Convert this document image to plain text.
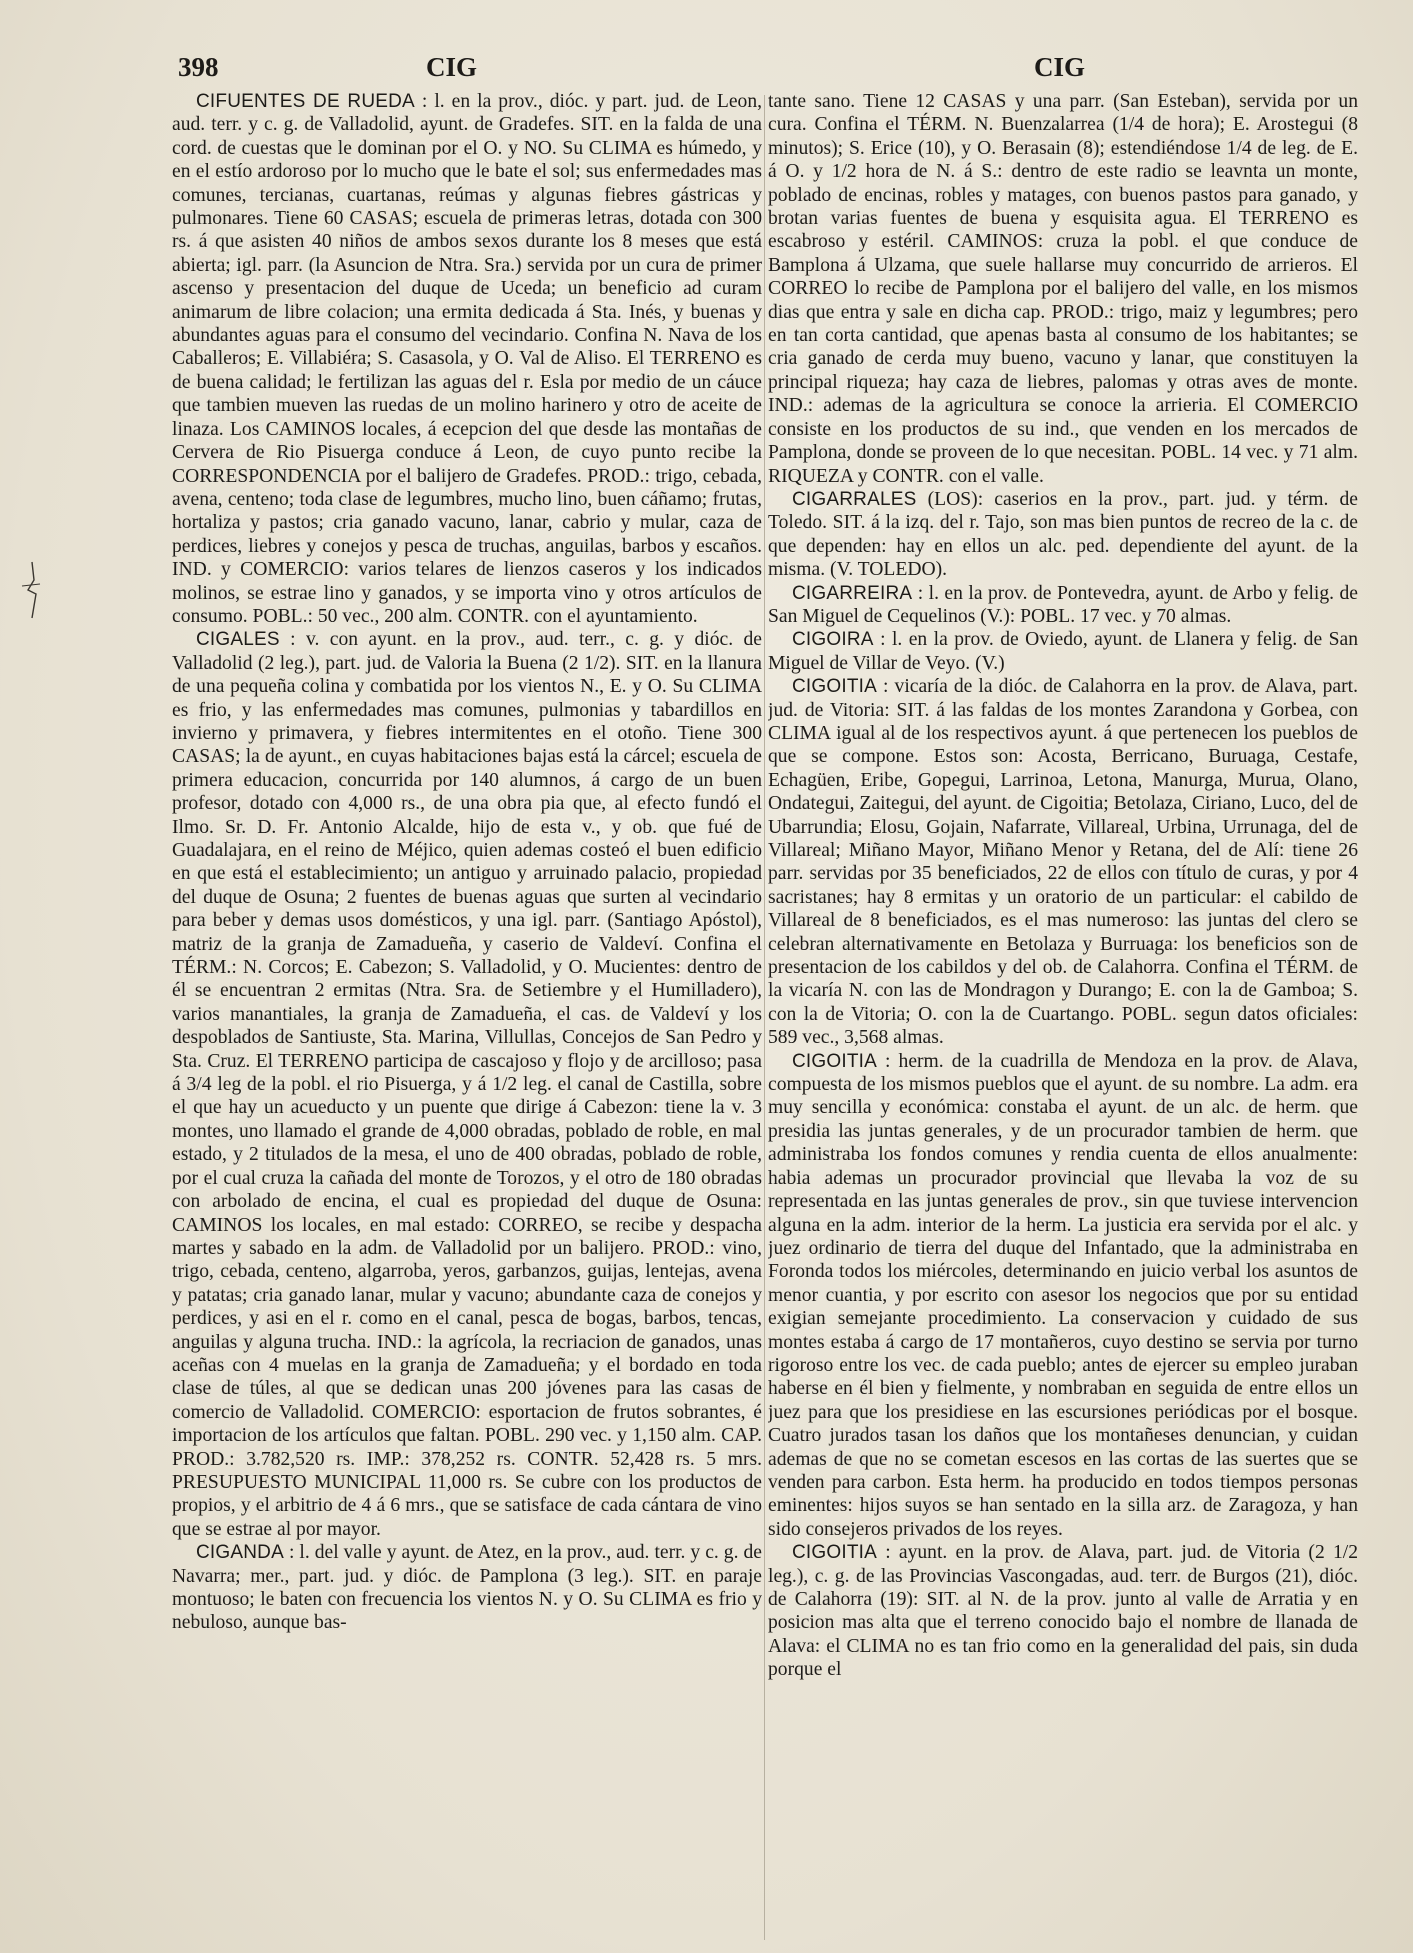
398	CIG	CIG

CIFUENTES DE RUEDA : l. en la prov., dióc. y part. jud. de Leon, aud. terr. y c. g. de Valladolid, ayunt. de Gradefes. SIT. en la falda de una cord. de cuestas que le dominan por el O. y NO. Su CLIMA es húmedo, y en el estío ardoroso por lo mucho que le bate el sol; sus enfermedades mas comunes, tercianas, cuartanas, reúmas y algunas fiebres gástricas y pulmonares. Tiene 60 CASAS; escuela de primeras letras, dotada con 300 rs. á que asisten 40 niños de ambos sexos durante los 8 meses que está abierta; igl. parr. (la Asuncion de Ntra. Sra.) servida por un cura de primer ascenso y presentacion del duque de Uceda; un beneficio ad curam animarum de libre colacion; una ermita dedicada á Sta. Inés, y buenas y abundantes aguas para el consumo del vecindario. Confina N. Nava de los Caballeros; E. Villabiéra; S. Casasola, y O. Val de Aliso. El TERRENO es de buena calidad; le fertilizan las aguas del r. Esla por medio de un cáuce que tambien mueven las ruedas de un molino harinero y otro de aceite de linaza. Los CAMINOS locales, á ecepcion del que desde las montañas de Cervera de Rio Pisuerga conduce á Leon, de cuyo punto recibe la CORRESPONDENCIA por el balijero de Gradefes. PROD.: trigo, cebada, avena, centeno; toda clase de legumbres, mucho lino, buen cáñamo; frutas, hortaliza y pastos; cria ganado vacuno, lanar, cabrio y mular, caza de perdices, liebres y conejos y pesca de truchas, anguilas, barbos y escaños. IND. y COMERCIO: varios telares de lienzos caseros y los indicados molinos, se estrae lino y ganados, y se importa vino y otros artículos de consumo. POBL.: 50 vec., 200 alm. CONTR. con el ayuntamiento.

CIGALES : v. con ayunt. en la prov., aud. terr., c. g. y dióc. de Valladolid (2 leg.), part. jud. de Valoria la Buena (2 1/2). SIT. en la llanura de una pequeña colina y combatida por los vientos N., E. y O. Su CLIMA es frio, y las enfermedades mas comunes, pulmonias y tabardillos en invierno y primavera, y fiebres intermitentes en el otoño. Tiene 300 CASAS; la de ayunt., en cuyas habitaciones bajas está la cárcel; escuela de primera educacion, concurrida por 140 alumnos, á cargo de un buen profesor, dotado con 4,000 rs., de una obra pia que, al efecto fundó el Ilmo. Sr. D. Fr. Antonio Alcalde, hijo de esta v., y ob. que fué de Guadalajara, en el reino de Méjico, quien ademas costeó el buen edificio en que está el establecimiento; un antiguo y arruinado palacio, propiedad del duque de Osuna; 2 fuentes de buenas aguas que surten al vecindario para beber y demas usos domésticos, y una igl. parr. (Santiago Apóstol), matriz de la granja de Zamadueña, y caserio de Valdeví. Confina el TÉRM.: N. Corcos; E. Cabezon; S. Valladolid, y O. Mucientes: dentro de él se encuentran 2 ermitas (Ntra. Sra. de Setiembre y el Humilladero), varios manantiales, la granja de Zamadueña, el cas. de Valdeví y los despoblados de Santiuste, Sta. Marina, Villullas, Concejos de San Pedro y Sta. Cruz. El TERRENO participa de cascajoso y flojo y de arcilloso; pasa á 3/4 leg de la pobl. el rio Pisuerga, y á 1/2 leg. el canal de Castilla, sobre el que hay un acueducto y un puente que dirige á Cabezon: tiene la v. 3 montes, uno llamado el grande de 4,000 obradas, poblado de roble, en mal estado, y 2 titulados de la mesa, el uno de 400 obradas, poblado de roble, por el cual cruza la cañada del monte de Torozos, y el otro de 180 obradas con arbolado de encina, el cual es propiedad del duque de Osuna: CAMINOS los locales, en mal estado: CORREO, se recibe y despacha martes y sabado en la adm. de Valladolid por un balijero. PROD.: vino, trigo, cebada, centeno, algarroba, yeros, garbanzos, guijas, lentejas, avena y patatas; cria ganado lanar, mular y vacuno; abundante caza de conejos y perdices, y asi en el r. como en el canal, pesca de bogas, barbos, tencas, anguilas y alguna trucha. IND.: la agrícola, la recriacion de ganados, unas aceñas con 4 muelas en la granja de Zamadueña; y el bordado en toda clase de túles, al que se dedican unas 200 jóvenes para las casas de comercio de Valladolid. COMERCIO: esportacion de frutos sobrantes, é importacion de los artículos que faltan. POBL. 290 vec. y 1,150 alm. CAP. PROD.: 3.782,520 rs. IMP.: 378,252 rs. CONTR. 52,428 rs. 5 mrs. PRESUPUESTO MUNICIPAL 11,000 rs. Se cubre con los productos de propios, y el arbitrio de 4 á 6 mrs., que se satisface de cada cántara de vino que se estrae al por mayor.

CIGANDA : l. del valle y ayunt. de Atez, en la prov., aud. terr. y c. g. de Navarra; mer., part. jud. y dióc. de Pamplona (3 leg.). SIT. en paraje montuoso; le baten con frecuencia los vientos N. y O. Su CLIMA es frio y nebuloso, aunque bas-

tante sano. Tiene 12 CASAS y una parr. (San Esteban), servida por un cura. Confina el TÉRM. N. Buenzalarrea (1/4 de hora); E. Arostegui (8 minutos); S. Erice (10), y O. Berasain (8); estendiéndose 1/4 de leg. de E. á O. y 1/2 hora de N. á S.: dentro de este radio se leavnta un monte, poblado de encinas, robles y matages, con buenos pastos para ganado, y brotan varias fuentes de buena y esquisita agua. El TERRENO es escabroso y estéril. CAMINOS: cruza la pobl. el que conduce de Bamplona á Ulzama, que suele hallarse muy concurrido de arrieros. El CORREO lo recibe de Pamplona por el balijero del valle, en los mismos dias que entra y sale en dicha cap. PROD.: trigo, maiz y legumbres; pero en tan corta cantidad, que apenas basta al consumo de los habitantes; se cria ganado de cerda muy bueno, vacuno y lanar, que constituyen la principal riqueza; hay caza de liebres, palomas y otras aves de monte. IND.: ademas de la agricultura se conoce la arrieria. El COMERCIO consiste en los productos de su ind., que venden en los mercados de Pamplona, donde se proveen de lo que necesitan. POBL. 14 vec. y 71 alm. RIQUEZA y CONTR. con el valle.

CIGARRALES (LOS): caserios en la prov., part. jud. y térm. de Toledo. SIT. á la izq. del r. Tajo, son mas bien puntos de recreo de la c. de que dependen: hay en ellos un alc. ped. dependiente del ayunt. de la misma. (V. TOLEDO).

CIGARREIRA : l. en la prov. de Pontevedra, ayunt. de Arbo y felig. de San Miguel de Cequelinos (V.): POBL. 17 vec. y 70 almas.

CIGOIRA : l. en la prov. de Oviedo, ayunt. de Llanera y felig. de San Miguel de Villar de Veyo. (V.)

CIGOITIA : vicaría de la dióc. de Calahorra en la prov. de Alava, part. jud. de Vitoria: SIT. á las faldas de los montes Zarandona y Gorbea, con CLIMA igual al de los respectivos ayunt. á que pertenecen los pueblos de que se compone. Estos son: Acosta, Berricano, Buruaga, Cestafe, Echagüen, Eribe, Gopegui, Larrinoa, Letona, Manurga, Murua, Olano, Ondategui, Zaitegui, del ayunt. de Cigoitia; Betolaza, Ciriano, Luco, del de Ubarrundia; Elosu, Gojain, Nafarrate, Villareal, Urbina, Urrunaga, del de Villareal; Miñano Mayor, Miñano Menor y Retana, del de Alí: tiene 26 parr. servidas por 35 beneficiados, 22 de ellos con título de curas, y por 4 sacristanes; hay 8 ermitas y un oratorio de un particular: el cabildo de Villareal de 8 beneficiados, es el mas numeroso: las juntas del clero se celebran alternativamente en Betolaza y Burruaga: los beneficios son de presentacion de los cabildos y del ob. de Calahorra. Confina el TÉRM. de la vicaría N. con las de Mondragon y Durango; E. con la de Gamboa; S. con la de Vitoria; O. con la de Cuartango. POBL. segun datos oficiales: 589 vec., 3,568 almas.

CIGOITIA : herm. de la cuadrilla de Mendoza en la prov. de Alava, compuesta de los mismos pueblos que el ayunt. de su nombre. La adm. era muy sencilla y económica: constaba el ayunt. de un alc. de herm. que presidia las juntas generales, y de un procurador tambien de herm. que administraba los fondos comunes y rendia cuenta de ellos anualmente: habia ademas un procurador provincial que llevaba la voz de su representada en las juntas generales de prov., sin que tuviese intervencion alguna en la adm. interior de la herm. La justicia era servida por el alc. y juez ordinario de tierra del duque del Infantado, que la administraba en Foronda todos los miércoles, determinando en juicio verbal los asuntos de menor cuantia, y por escrito con asesor los negocios que por su entidad exigian semejante procedimiento. La conservacion y cuidado de sus montes estaba á cargo de 17 montañeros, cuyo destino se servia por turno rigoroso entre los vec. de cada pueblo; antes de ejercer su empleo juraban haberse en él bien y fielmente, y nombraban en seguida de entre ellos un juez para que los presidiese en las escursiones periódicas por el bosque. Cuatro jurados tasan los daños que los montañeses denuncian, y cuidan ademas de que no se cometan escesos en las cortas de las suertes que se venden para carbon. Esta herm. ha producido en todos tiempos personas eminentes: hijos suyos se han sentado en la silla arz. de Zaragoza, y han sido consejeros privados de los reyes.

CIGOITIA : ayunt. en la prov. de Alava, part. jud. de Vitoria (2 1/2 leg.), c. g. de las Provincias Vascongadas, aud. terr. de Burgos (21), dióc. de Calahorra (19): SIT. al N. de la prov. junto al valle de Arratia y en posicion mas alta que el terreno conocido bajo el nombre de llanada de Alava: el CLIMA no es tan frio como en la generalidad del pais, sin duda porque el
